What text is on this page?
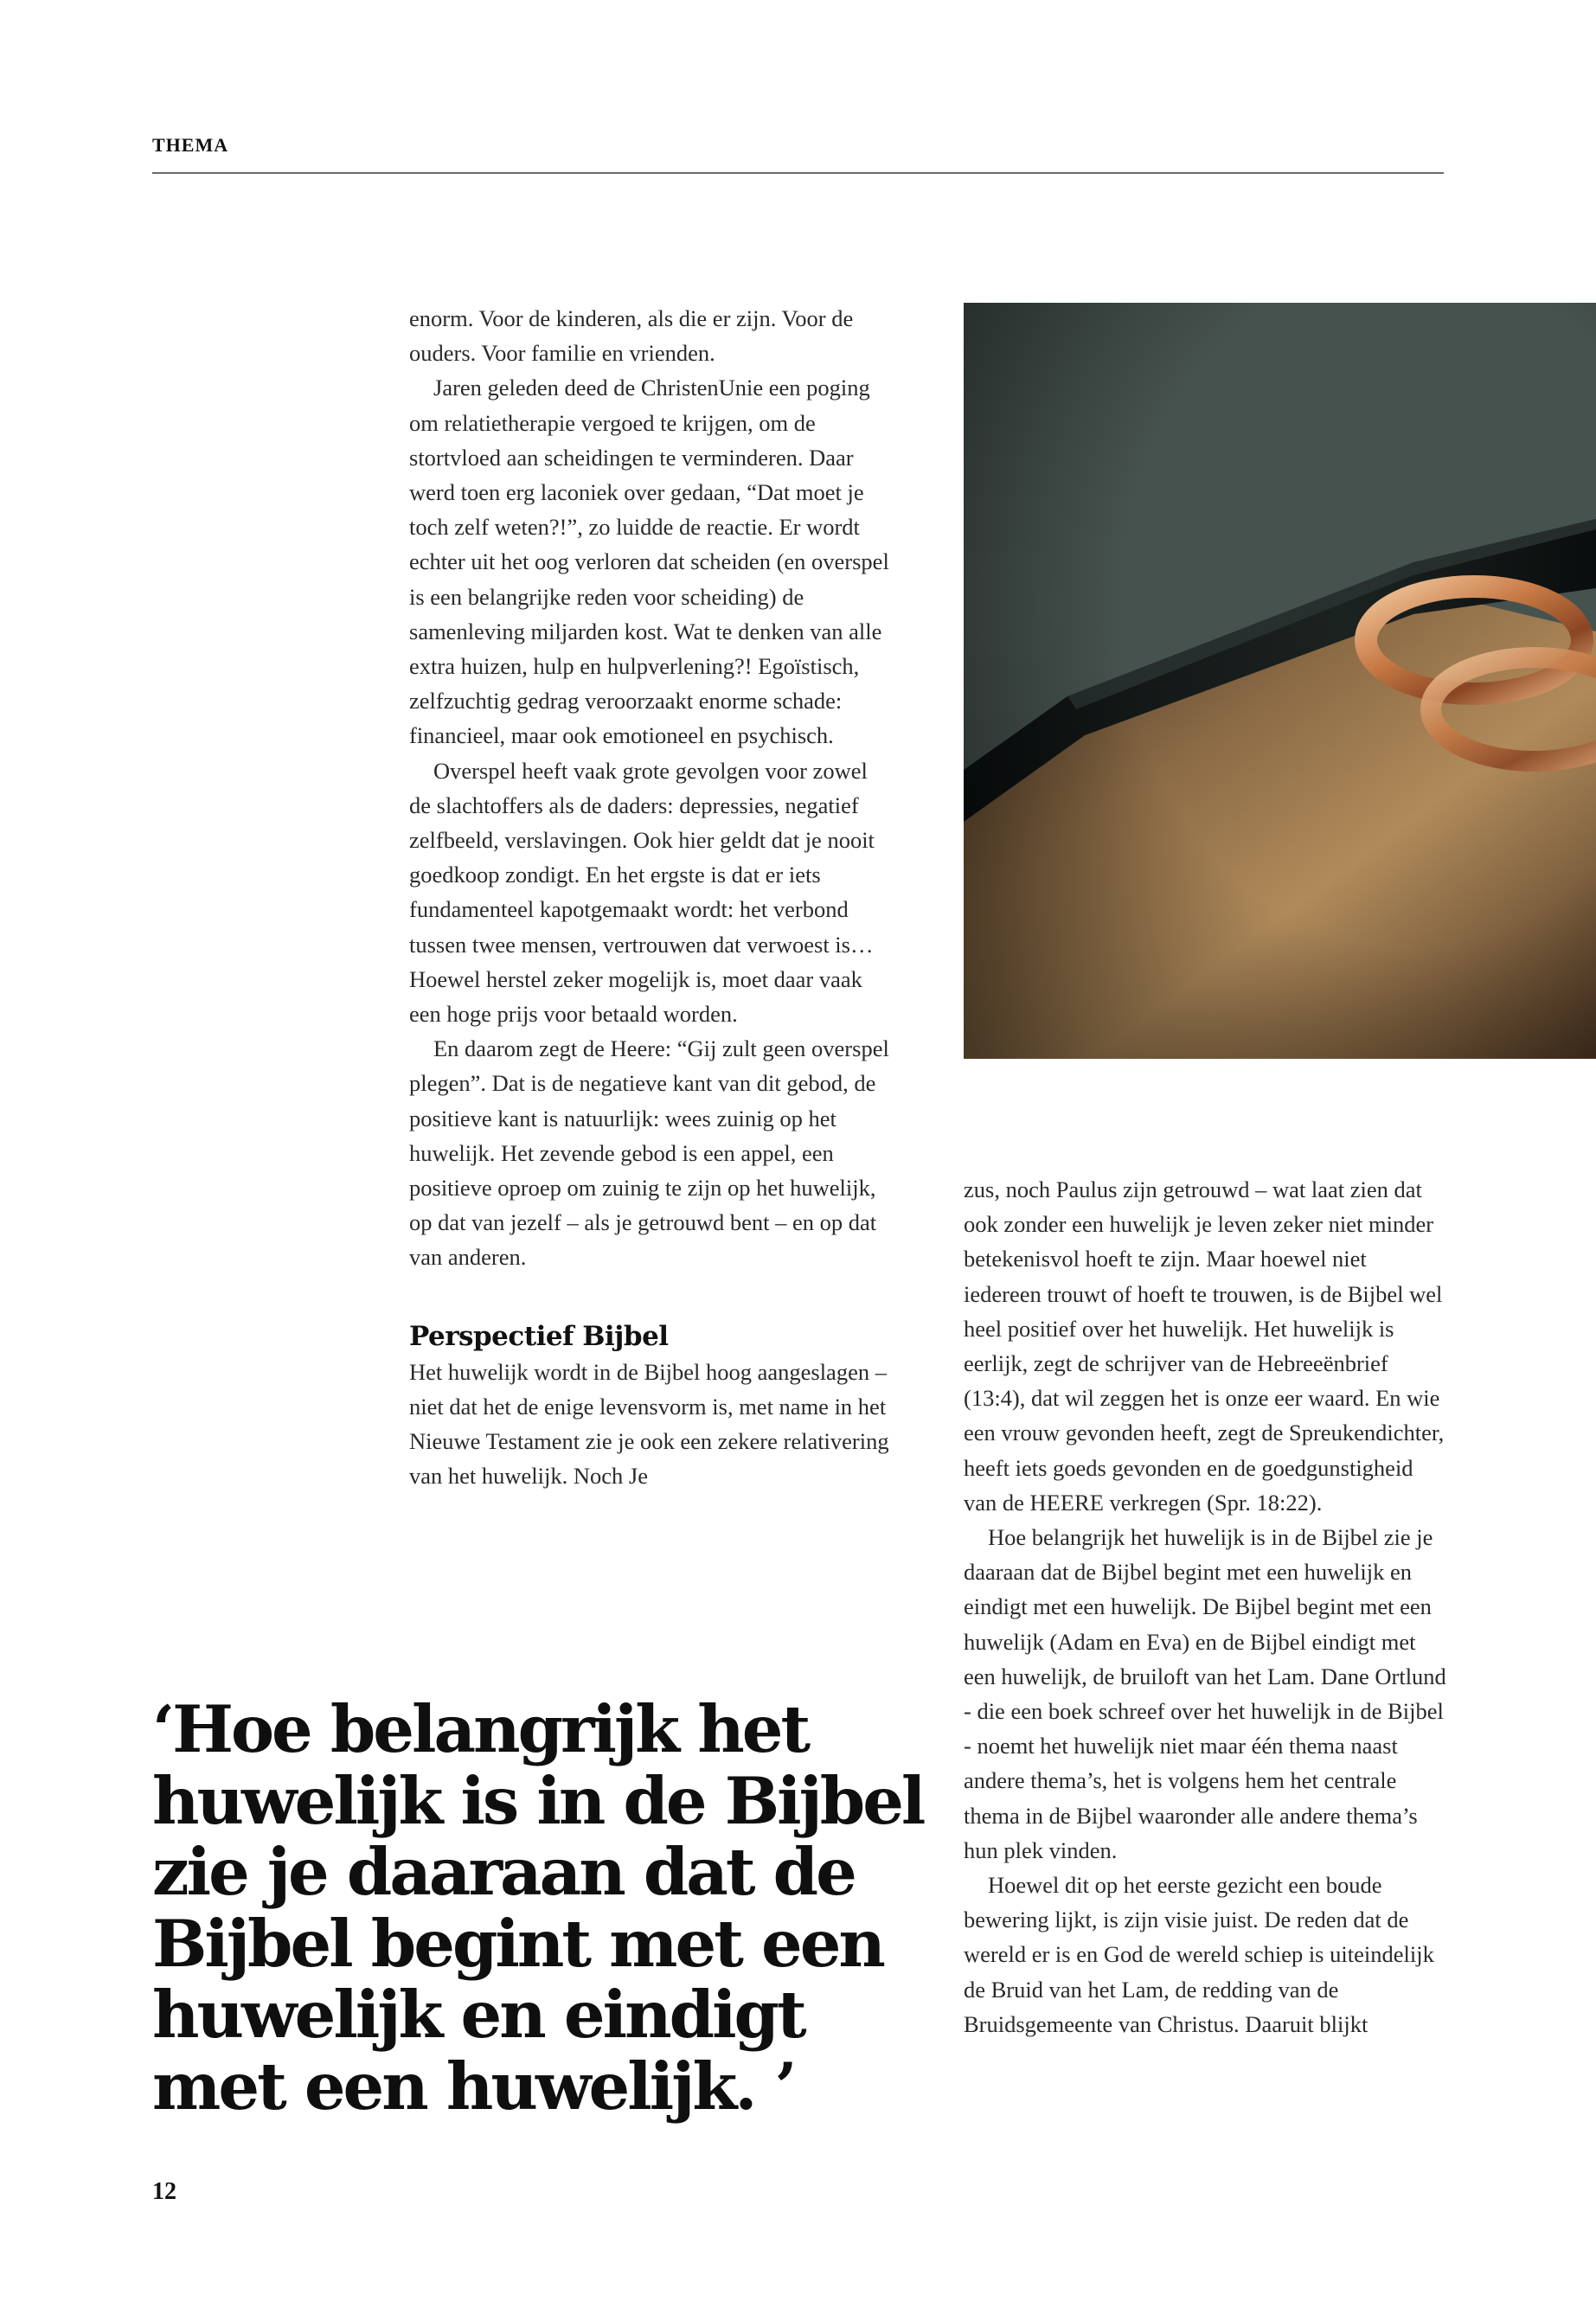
THEMA

enorm. Voor de kinderen, als die er zijn. Voor de ouders. Voor familie en vrienden.

Jaren geleden deed de ChristenUnie een poging om relatietherapie vergoed te krijgen, om de stortvloed aan scheidingen te verminderen. Daar werd toen erg laconiek over gedaan, “Dat moet je toch zelf weten?!”, zo luidde de reactie. Er wordt echter uit het oog verloren dat scheiden (en overspel is een belangrijke reden voor scheiding) de samenleving miljarden kost. Wat te denken van alle extra huizen, hulp en hulpverlening?! Egoïstisch, zelfzuchtig gedrag veroorzaakt enorme schade: financieel, maar ook emotioneel en psychisch.

Overspel heeft vaak grote gevolgen voor zowel de slachtoffers als de daders: depressies, negatief zelfbeeld, verslavingen. Ook hier geldt dat je nooit goedkoop zondigt. En het ergste is dat er iets fundamenteel kapotgemaakt wordt: het verbond tussen twee mensen, vertrouwen dat verwoest is… Hoewel herstel zeker mogelijk is, moet daar vaak een hoge prijs voor betaald worden.

En daarom zegt de Heere: “Gij zult geen overspel plegen”. Dat is de negatieve kant van dit gebod, de positieve kant is natuurlijk: wees zuinig op het huwelijk. Het zevende gebod is een appel, een positieve oproep om zuinig te zijn op het huwelijk, op dat van jezelf – als je getrouwd bent – en op dat van anderen.

Perspectief Bijbel

Het huwelijk wordt in de Bijbel hoog aangeslagen – niet dat het de enige levensvorm is, met name in het Nieuwe Testament zie je ook een zekere relativering van het huwelijk. Noch Je

zus, noch Paulus zijn getrouwd – wat laat zien dat ook zonder een huwelijk je leven zeker niet minder betekenisvol hoeft te zijn. Maar hoewel niet iedereen trouwt of hoeft te trouwen, is de Bijbel wel heel positief over het huwelijk. Het huwelijk is eerlijk, zegt de schrijver van de Hebreeënbrief (13:4), dat wil zeggen het is onze eer waard. En wie een vrouw gevonden heeft, zegt de Spreukendichter, heeft iets goeds gevonden en de goedgunstigheid van de HEERE verkregen (Spr. 18:22).

Hoe belangrijk het huwelijk is in de Bijbel zie je daaraan dat de Bijbel begint met een huwelijk en eindigt met een huwelijk. De Bijbel begint met een huwelijk (Adam en Eva) en de Bijbel eindigt met een huwelijk, de bruiloft van het Lam. Dane Ortlund - die een boek schreef over het huwelijk in de Bijbel - noemt het huwelijk niet maar één thema naast andere thema’s, het is volgens hem het centrale thema in de Bijbel waaronder alle andere thema’s hun plek vinden.

Hoewel dit op het eerste gezicht een boude bewering lijkt, is zijn visie juist. De reden dat de wereld er is en God de wereld schiep is uiteindelijk de Bruid van het Lam, de redding van de Bruidsgemeente van Christus. Daaruit blijkt

‘Hoe belangrijk het huwelijk is in de Bijbel zie je daaraan dat de Bijbel begint met een huwelijk en eindigt met een huwelijk. ’

12
